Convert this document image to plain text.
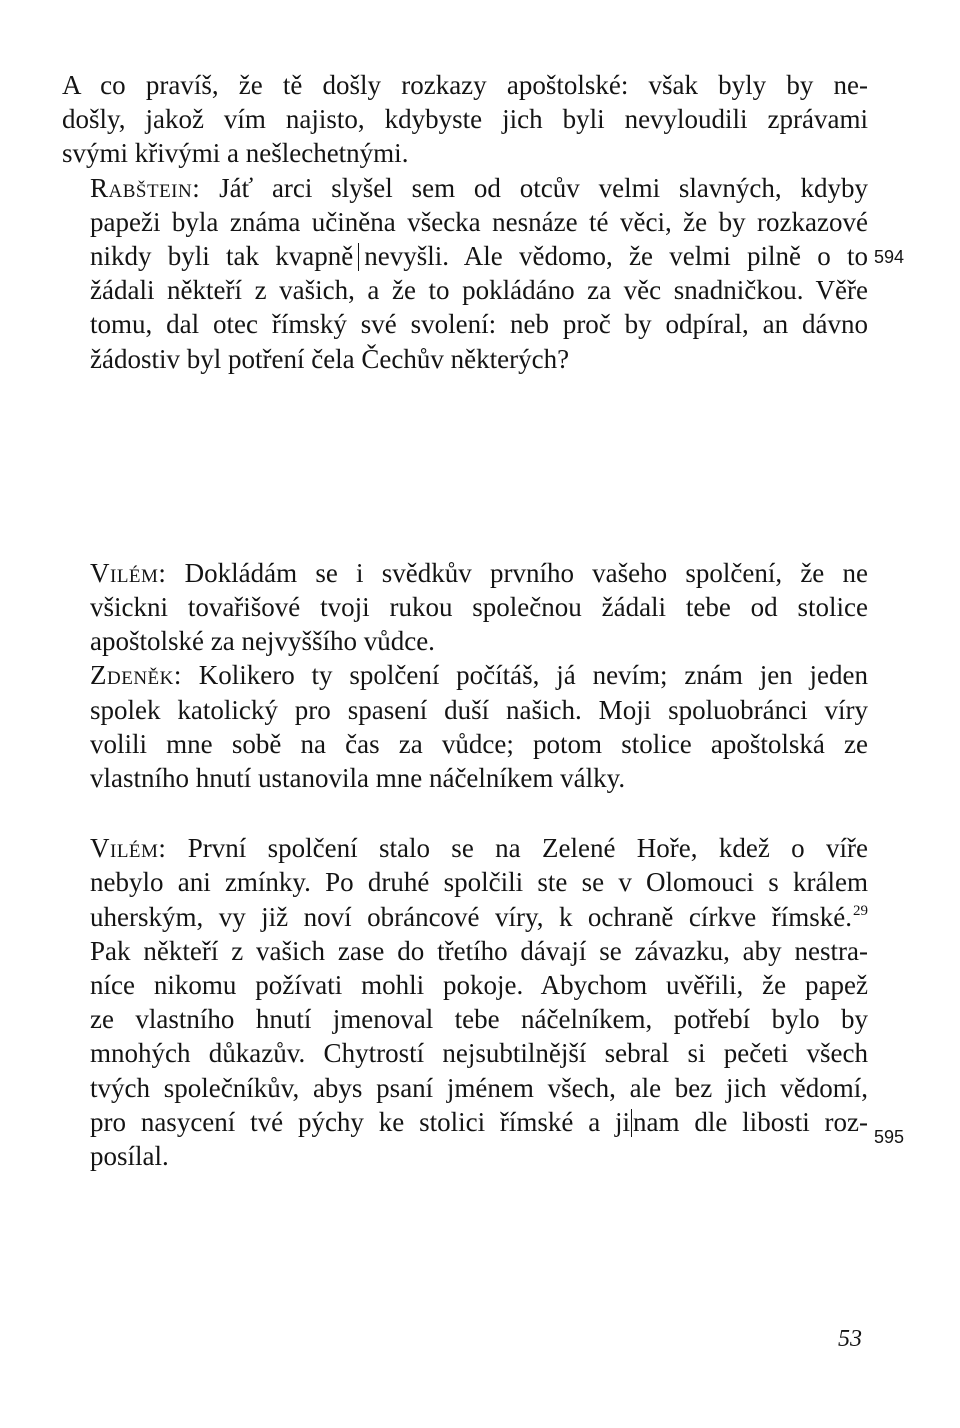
A co pravíš, že tě došly rozkazy apoštolské: však byly by ne-
došly, jakož vím najisto, kdybyste jich byli nevyloudili zprávami
svými křivými a nešlechetnými.

Rabštein: Jáť arci slyšel sem od otcův velmi slavných, kdyby
papeži byla známa učiněna všecka nesnáze té věci, že by rozkazové
nikdy byli tak kvapně nevyšli. Ale vědomo, že velmi pilně o to
žádali někteří z vašich, a že to pokládáno za věc snadničkou. Věře
tomu, dal otec římský své svolení: neb proč by odpíral, an dávno
žádostiv byl potření čela Čechův některých?

Vilém: Dokládám se i svědkův prvního vašeho spolčení, že ne
všickni tovařišové tvoji rukou společnou žádali tebe od stolice
apoštolské za nejvyššího vůdce.

Zdeněk: Kolikero ty spolčení počítáš, já nevím; znám jen jeden
spolek katolický pro spasení duší našich. Moji spoluobránci víry
volili mne sobě na čas za vůdce; potom stolice apoštolská ze
vlastního hnutí ustanovila mne náčelníkem války.

Vilém: První spolčení stalo se na Zelené Hoře, kdež o víře
nebylo ani zmínky. Po druhé spolčili ste se v Olomouci s králem
uherským, vy již noví obráncové víry, k ochraně církve římské.$^{29}$
Pak někteří z vašich zase do třetího dávají se závazku, aby nestra-
níce nikomu požívati mohli pokoje. Abychom uvěřili, že papež
ze vlastního hnutí jmenoval tebe náčelníkem, potřebí bylo by
mnohých důkazův. Chytrostí nejsubtilnější sebral si pečeti všech
tvých společníkův, abys psaní jménem všech, ale bez jich vědomí,
pro nasycení tvé pýchy ke stolici římské a ji nam dle libosti roz-
posílal.

594
595
53
